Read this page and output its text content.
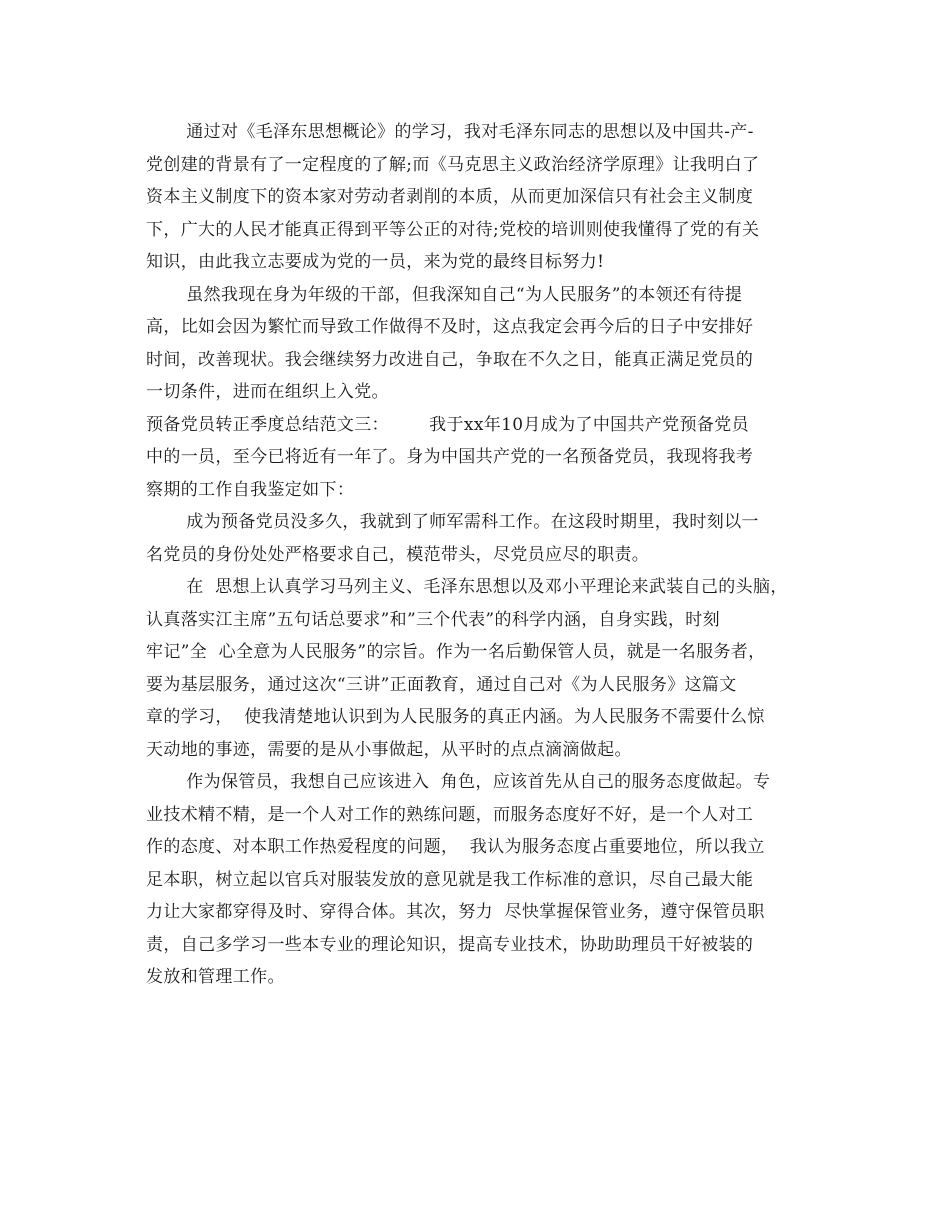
通过对《毛泽东思想概论》的学习，我对毛泽东同志的思想以及中国共-产-
党创建的背景有了一定程度的了解;而《马克思主义政治经济学原理》让我明白了
资本主义制度下的资本家对劳动者剥削的本质，从而更加深信只有社会主义制度
下，广大的人民才能真正得到平等公正的对待;党校的培训则使我懂得了党的有关
知识，由此我立志要成为党的一员，来为党的最终目标努力!
虽然我现在身为年级的干部，但我深知自己“为人民服务”的本领还有待提
高，比如会因为繁忙而导致工作做得不及时，这点我定会再今后的日子中安排好
时间，改善现状。我会继续努力改进自己，争取在不久之日，能真正满足党员的
一切条件，进而在组织上入党。
预备党员转正季度总结范文三：       我于xx年10月成为了中国共产党预备党员
中的一员，至今已将近有一年了。身为中国共产党的一名预备党员，我现将我考
察期的工作自我鉴定如下：
成为预备党员没多久，我就到了师军需科工作。在这段时期里，我时刻以一
名党员的身份处处严格要求自己，模范带头，尽党员应尽的职责。
在  思想上认真学习马列主义、毛泽东思想以及邓小平理论来武装自己的头脑，
认真落实江主席”五句话总要求”和”三个代表”的科学内涵，自身实践，时刻
牢记”全  心全意为人民服务”的宗旨。作为一名后勤保管人员，就是一名服务者，
要为基层服务，通过这次“三讲”正面教育，通过自己对《为人民服务》这篇文
章的学习，  使我清楚地认识到为人民服务的真正内涵。为人民服务不需要什么惊
天动地的事迹，需要的是从小事做起，从平时的点点滴滴做起。
作为保管员，我想自己应该进入  角色，应该首先从自己的服务态度做起。专
业技术精不精，是一个人对工作的熟练问题，而服务态度好不好，是一个人对工
作的态度、对本职工作热爱程度的问题，  我认为服务态度占重要地位，所以我立
足本职，树立起以官兵对服装发放的意见就是我工作标准的意识，尽自己最大能
力让大家都穿得及时、穿得合体。其次，努力  尽快掌握保管业务，遵守保管员职
责，自己多学习一些本专业的理论知识，提高专业技术，协助助理员干好被装的
发放和管理工作。
